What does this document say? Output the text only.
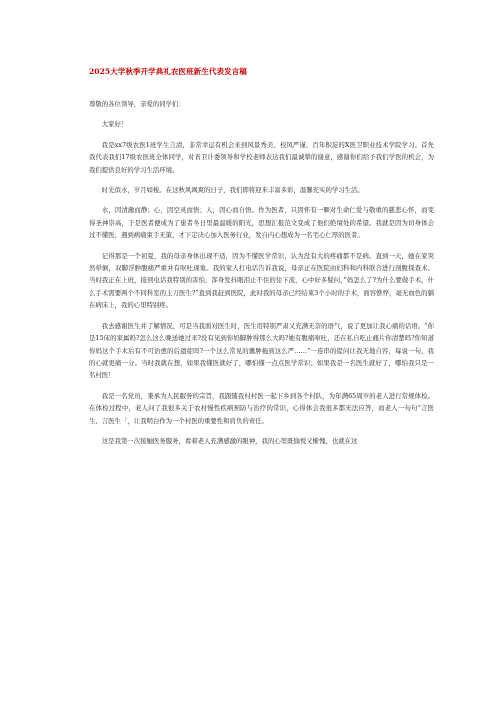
2025大学秋季开学典礼农医班新生代表发言稿

尊敬的各位领导，亲爱的同学们：

大家好！

我是xx7级农医1班学生言清，非常幸运有机会来到风景秀美、校风严谨、百年积淀的X医卫职业技术学院学习。首先我代表我们17级农医班全体同学，对省卫计委领导和学校老师表达我们最诚挚的谢意，感谢你们给予我们学医的机会，为我们提供良好的学习生活环境。

时光似水，岁月如梭。在这秋风飒爽的日子，我们即将迎来丰富多彩，温馨充实的学习生活。

水，因清澈而静；心，因空灵而悟；人，因心而自悟。作为医者，只因怀有一颗对生命仁爱与敬重的慈悲心怀，而变得圣神崇高，于是医者便成为了患者冬日里最温暖的阳光，思想汇报范文变成了他们绝境处的希望。我就是因为切身体会过不懂医、遇到病痛束手无策，才下定决心加入医务行业，发自内心想成为一名宅心仁厚的医者。

记得那是一个初夏，我的母亲身体出现不适，因为不懂医学常识，认为没有大的疼痛都不是病。直到一天，她在家突然晕倒，双脚浮肿腹痛严重并有呕吐现象。我的家人打电话告诉我说，母亲正在医院由妇科和内科联合进行剖腹探查术。当时我正在上班，接到电话我特别的害怕，浑身发抖眼泪止不住的往下流，心中好多疑问，”妈怎么了?为什么要做手术，什么手术需要两个不同科室的主刀医生?”直到我赶到医院，此时我的母亲已经结束3个小时的手术，面容憔悴，毫无血色的躺在病床上，我的心里特别疼。

我去感谢医生并了解情况，可是当我面对医生时，医生用特别严肃又充满无奈的语气，说了更加让我心痛的话语。“你是15床的家属吗?怎么这么晚送她过来?没有见到你妈脚肿得那么大吗?她有腹痛呕吐，还在私自吃止痛片你清楚吗?你知道你妈这个手术后有不可治愈的后遗症吗?一个这么常见的囊肿拖到这么严……”一连串的提问让我无地自容，每说一句，我的心就更痛一分。当时我就在想，如果我懂医就好了，哪怕懂一点点医学常识；如果我是一名医生就好了，哪怕我只是一名村医！

我是一名党员，秉承为人民服务的宗旨，我跟随我村村医一起下乡到各个村队，为年满65周岁的老人进行常规体检。在体检过程中，老人问了我很多关于农村慢性疾病预防与治疗的常识，心得体会我很多都无法应答，而老人一句句“言医生、言医生「，让我明白作为一个村医的重要性和肩负的责任。

这是我第一次接触医务服务，看着老人充满感激的眼神，我的心里既愉悦又惭愧，也就在这
